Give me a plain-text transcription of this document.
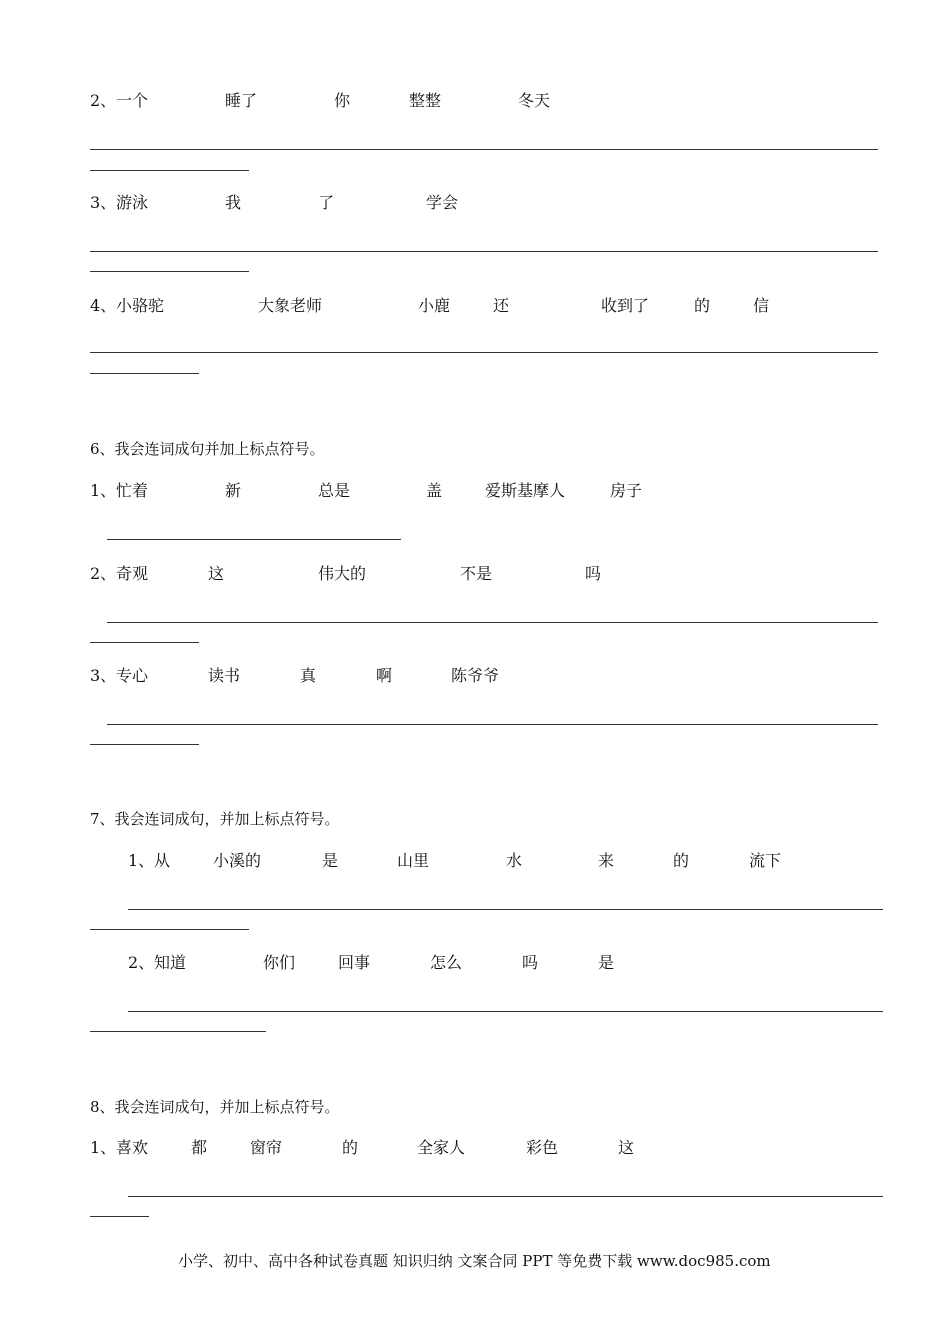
2、 一个	睡了	你	整整	冬天
3、 游泳	我	了	学会
4、 小骆驼	大象老师	小鹿	还	收到了	的	信
6、我会连词成句并加上标点符号。
1、 忙着	新	总是	盖	爱斯基摩人	房子
2、 奇观	这	伟大的	不是	吗
3、 专心	读书	真	啊	陈爷爷
7、我会连词成句，并加上标点符号。
1、 从	小溪的	是	山里	水	来	的	流下
2、 知道	你们	回事	怎么	吗	是
8、我会连词成句，并加上标点符号。
1、 喜欢	都	窗帘	的	全家人	彩色	这
小学、初中、高中各种试卷真题 知识归纳 文案合同 PPT 等免费下载 www.doc985.com
